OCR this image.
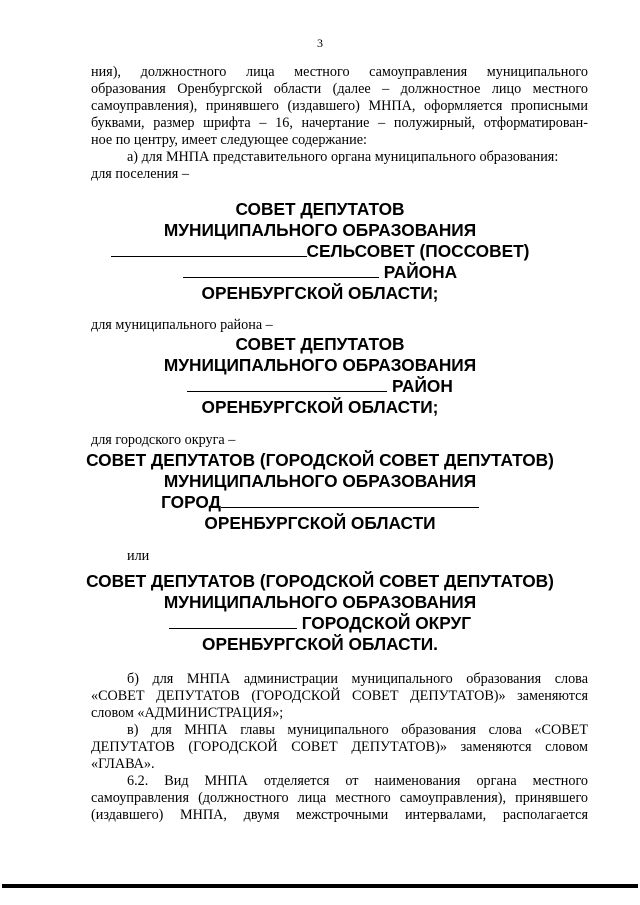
3
ния), должностного лица местного самоуправления муниципального
образования Оренбургской области (далее – должностное лицо местного
самоуправления), принявшего (издавшего) МНПА, оформляется прописными
буквами, размер шрифта – 16, начертание – полужирный, отформатирован-
ное по центру, имеет следующее содержание:
а) для МНПА представительного органа муниципального образования:
для поселения –
СОВЕТ ДЕПУТАТОВ
МУНИЦИПАЛЬНОГО ОБРАЗОВАНИЯ
СЕЛЬСОВЕТ (ПОССОВЕТ)
РАЙОНА
ОРЕНБУРГСКОЙ ОБЛАСТИ;
для муниципального района –
СОВЕТ ДЕПУТАТОВ
МУНИЦИПАЛЬНОГО ОБРАЗОВАНИЯ
РАЙОН
ОРЕНБУРГСКОЙ ОБЛАСТИ;
для городского округа –
СОВЕТ ДЕПУТАТОВ (ГОРОДСКОЙ СОВЕТ ДЕПУТАТОВ)
МУНИЦИПАЛЬНОГО ОБРАЗОВАНИЯ
ГОРОД
ОРЕНБУРГСКОЙ ОБЛАСТИ
или
СОВЕТ ДЕПУТАТОВ (ГОРОДСКОЙ СОВЕТ ДЕПУТАТОВ)
МУНИЦИПАЛЬНОГО ОБРАЗОВАНИЯ
ГОРОДСКОЙ ОКРУГ
ОРЕНБУРГСКОЙ ОБЛАСТИ.
б) для МНПА администрации муниципального образования слова
«СОВЕТ ДЕПУТАТОВ (ГОРОДСКОЙ СОВЕТ ДЕПУТАТОВ)» заменяются
словом «АДМИНИСТРАЦИЯ»;
в) для МНПА главы муниципального образования слова «СОВЕТ
ДЕПУТАТОВ (ГОРОДСКОЙ СОВЕТ ДЕПУТАТОВ)» заменяются словом
«ГЛАВА».
6.2. Вид МНПА отделяется от наименования органа местного
самоуправления (должностного лица местного самоуправления), принявшего
(издавшего) МНПА, двумя межстрочными интервалами, располагается
